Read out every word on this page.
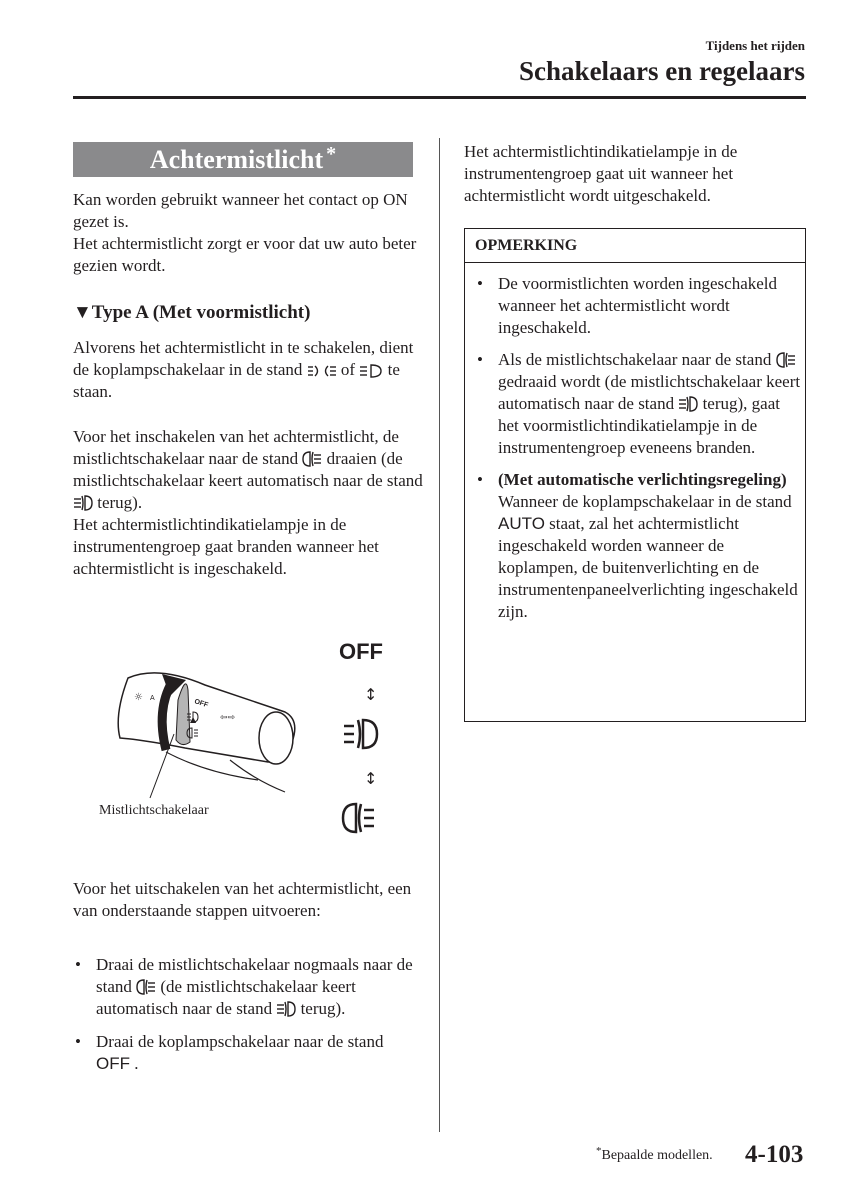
Tijdens het rijden
Schakelaars en regelaars
Achtermistlicht *
Kan worden gebruikt wanneer het contact op ON gezet is.
Het achtermistlicht zorgt er voor dat uw auto beter gezien wordt.
▼Type A (Met voormistlicht)
Alvorens het achtermistlicht in te schakelen, dient de koplampschakelaar in de stand of te staan.
Voor het inschakelen van het achtermistlicht, de mistlichtschakelaar naar de stand draaien (de mistlichtschakelaar keert automatisch naar de stand  terug).
Het achtermistlichtindikatielampje in de instrumentengroep gaat branden wanneer het achtermistlicht is ingeschakeld.
OFF
☼ A
⇦⇨
▲
↕
↕
OFF
Mistlichtschakelaar
Voor het uitschakelen van het achtermistlicht, een van onderstaande stappen uitvoeren:
• Draai de mistlichtschakelaar nogmaals naar de stand (de mistlichtschakelaar keert automatisch naar de stand terug).
• Draai de koplampschakelaar naar de stand OFF .
Het achtermistlichtindikatielampje in de instrumentengroep gaat uit wanneer het achtermistlicht wordt uitgeschakeld.
OPMERKING
• De voormistlichten worden ingeschakeld wanneer het achtermistlicht wordt ingeschakeld.
• Als de mistlichtschakelaar naar de stand  gedraaid wordt (de mistlichtschakelaar keert automatisch naar de stand terug), gaat het voormistlichtindikatielampje in de instrumentengroep eveneens branden.
• (Met automatische verlichtingsregeling)
Wanneer de koplampschakelaar in de stand AUTO staat, zal het achtermistlicht ingeschakeld worden wanneer de koplampen, de buitenverlichting en de instrumentenpaneelverlichting ingeschakeld zijn.
*Bepaalde modellen. 4-103
